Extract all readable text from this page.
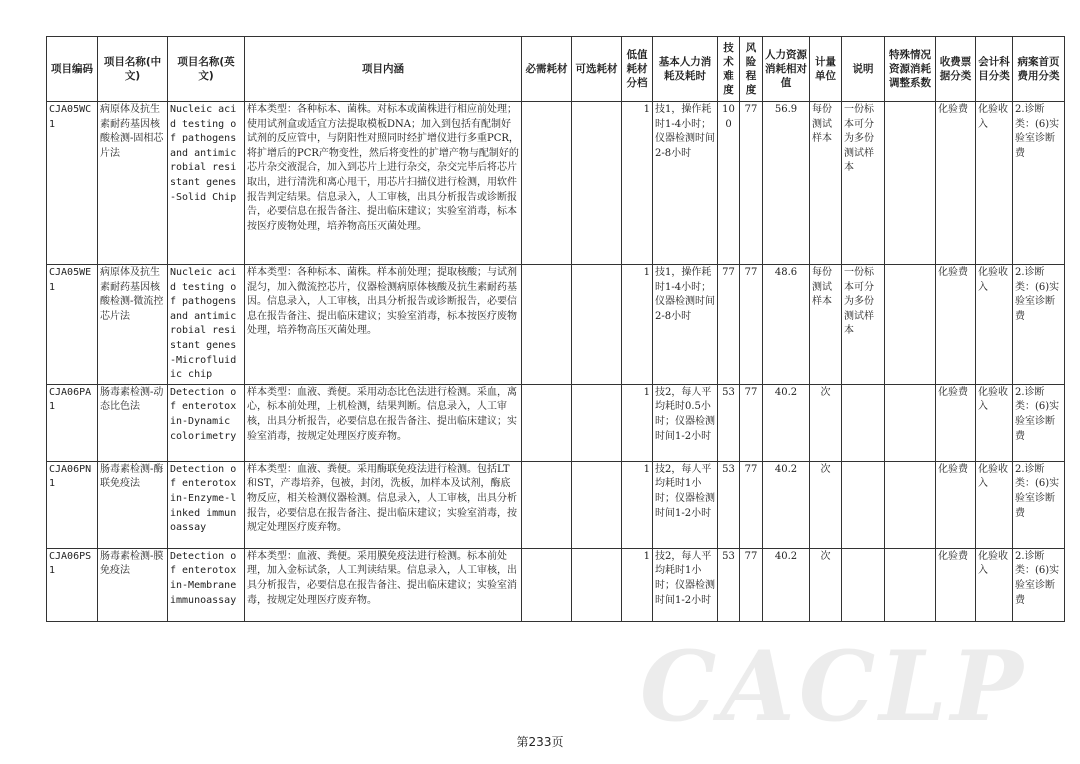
项目编码	项目名称(中文)	项目名称(英文)	项目内涵	必需耗材	可选耗材	低值耗材分档	基本人力消耗及耗时	技术难度	风险程度	人力资源消耗相对值	计量单位	说明	特殊情况资源消耗调整系数	收费票据分类	会计科目分类	病案首页费用分类
CJA05WC1	病原体及抗生素耐药基因核酸检测-固相芯片法	Nucleic acid testing of pathogens and antimicrobial resistant genes-Solid Chip	样本类型：各种标本、菌株。对标本或菌株进行相应前处理；使用试剂盒或适宜方法提取模板DNA；加入到包括有配制好试剂的反应管中，与阴阳性对照同时经扩增仪进行多重PCR，将扩增后的PCR产物变性，然后将变性的扩增产物与配制好的芯片杂交液混合，加入到芯片上进行杂交，杂交完毕后将芯片取出，进行清洗和离心甩干，用芯片扫描仪进行检测，用软件报告判定结果。信息录入，人工审核，出具分析报告或诊断报告，必要信息在报告备注、提出临床建议；实验室消毒，标本按医疗废物处理，培养物高压灭菌处理。			1	技1，操作耗时1-4小时；仪器检测时间2-8小时	100	77	56.9	每份测试样本	一份标本可分为多份测试样本		化验费	化验收入	2.诊断类：(6)实验室诊断费
CJA05WE1	病原体及抗生素耐药基因核酸检测-微流控芯片法	Nucleic acid testing of pathogens and antimicrobial resistant genes-Microfluidic chip	样本类型：各种标本、菌株。样本前处理；提取核酸；与试剂混匀，加入微流控芯片，仪器检测病原体核酸及抗生素耐药基因。信息录入，人工审核，出具分析报告或诊断报告，必要信息在报告备注、提出临床建议；实验室消毒，标本按医疗废物处理，培养物高压灭菌处理。			1	技1，操作耗时1-4小时；仪器检测时间2-8小时	77	77	48.6	每份测试样本	一份标本可分为多份测试样本		化验费	化验收入	2.诊断类：(6)实验室诊断费
CJA06PA1	肠毒素检测-动态比色法	Detection of enterotoxin-Dynamic colorimetry	样本类型：血液、粪便。采用动态比色法进行检测。采血，离心，标本前处理，上机检测，结果判断。信息录入，人工审核，出具分析报告，必要信息在报告备注、提出临床建议；实验室消毒，按规定处理医疗废弃物。			1	技2，每人平均耗时0.5小时；仪器检测时间1-2小时	53	77	40.2	次			化验费	化验收入	2.诊断类：(6)实验室诊断费
CJA06PN1	肠毒素检测-酶联免疫法	Detection of enterotoxin-Enzyme-linked immunoassay	样本类型：血液、粪便。采用酶联免疫法进行检测。包括LT和ST，产毒培养，包被，封闭，洗板，加样本及试剂，酶底物反应，相关检测仪器检测。信息录入，人工审核，出具分析报告，必要信息在报告备注、提出临床建议；实验室消毒，按规定处理医疗废弃物。			1	技2，每人平均耗时1小时；仪器检测时间1-2小时	53	77	40.2	次			化验费	化验收入	2.诊断类：(6)实验室诊断费
CJA06PS1	肠毒素检测-膜免疫法	Detection of enterotoxin-Membrane immunoassay	样本类型：血液、粪便。采用膜免疫法进行检测。标本前处理，加入金标试条，人工判读结果。信息录入，人工审核，出具分析报告，必要信息在报告备注、提出临床建议；实验室消毒，按规定处理医疗废弃物。			1	技2，每人平均耗时1小时；仪器检测时间1-2小时	53	77	40.2	次			化验费	化验收入	2.诊断类：(6)实验室诊断费
CACLP
第233页
